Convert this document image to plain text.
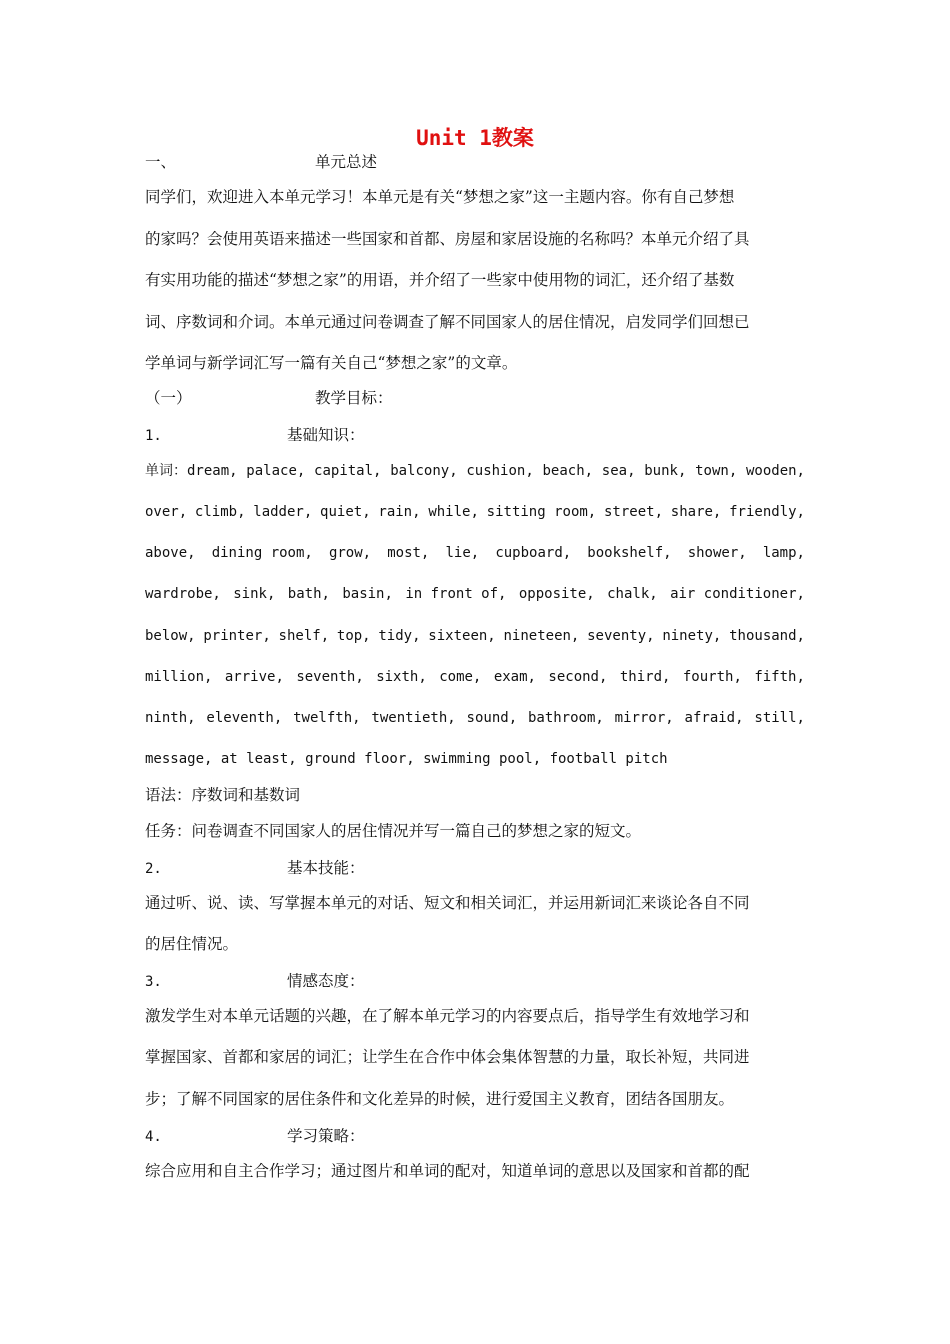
Unit 1教案
一、	单元总述
同学们，欢迎进入本单元学习！本单元是有关“梦想之家”这一主题内容。你有自己梦想
的家吗？会使用英语来描述一些国家和首都、房屋和家居设施的名称吗？本单元介绍了具
有实用功能的描述“梦想之家”的用语，并介绍了一些家中使用物的词汇，还介绍了基数
词、序数词和介词。本单元通过问卷调查了解不同国家人的居住情况，启发同学们回想已
学单词与新学词汇写一篇有关自己“梦想之家”的文章。
（一）	教学目标：
1.	基础知识：
单词：dream, palace, capital, balcony, cushion, beach, sea, bunk, town, wooden,
over, climb, ladder, quiet, rain, while, sitting room, street, share, friendly,
above, dining room, grow, most, lie, cupboard, bookshelf, shower, lamp,
wardrobe, sink, bath, basin, in front of, opposite, chalk, air conditioner,
below, printer, shelf, top, tidy, sixteen, nineteen, seventy, ninety, thousand,
million, arrive, seventh, sixth, come, exam, second, third, fourth, fifth,
ninth, eleventh, twelfth, twentieth, sound, bathroom, mirror, afraid, still,
message, at least, ground floor, swimming pool, football pitch
语法：序数词和基数词
任务：问卷调查不同国家人的居住情况并写一篇自己的梦想之家的短文。
2.	基本技能：
通过听、说、读、写掌握本单元的对话、短文和相关词汇，并运用新词汇来谈论各自不同
的居住情况。
3.	情感态度：
激发学生对本单元话题的兴趣，在了解本单元学习的内容要点后，指导学生有效地学习和
掌握国家、首都和家居的词汇；让学生在合作中体会集体智慧的力量，取长补短，共同进
步；了解不同国家的居住条件和文化差异的时候，进行爱国主义教育，团结各国朋友。
4.	学习策略：
综合应用和自主合作学习；通过图片和单词的配对，知道单词的意思以及国家和首都的配
